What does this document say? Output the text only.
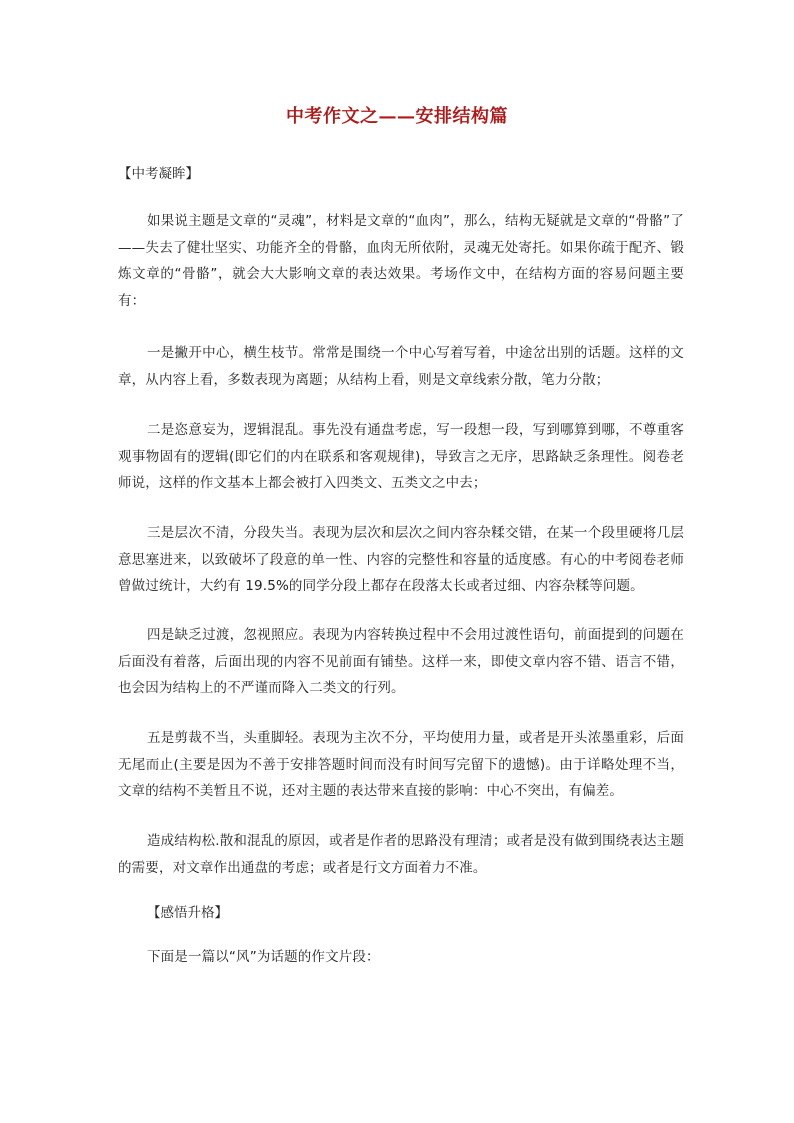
中考作文之——安排结构篇
【中考凝眸】
如果说主题是文章的“灵魂”，材料是文章的“血肉”，那么，结构无疑就是文章的“骨骼”了——失去了健壮坚实、功能齐全的骨骼，血肉无所依附，灵魂无处寄托。如果你疏于配齐、锻炼文章的“骨骼”，就会大大影响文章的表达效果。考场作文中，在结构方面的容易问题主要有：
一是撇开中心，横生枝节。常常是围绕一个中心写着写着，中途岔出别的话题。这样的文章，从内容上看，多数表现为离题；从结构上看，则是文章线索分散，笔力分散；
二是恣意妄为，逻辑混乱。事先没有通盘考虑，写一段想一段，写到哪算到哪，不尊重客观事物固有的逻辑(即它们的内在联系和客观规律)，导致言之无序，思路缺乏条理性。阅卷老师说，这样的作文基本上都会被打入四类文、五类文之中去；
三是层次不清，分段失当。表现为层次和层次之间内容杂糅交错，在某一个段里硬将几层意思塞进来，以致破坏了段意的单一性、内容的完整性和容量的适度感。有心的中考阅卷老师曾做过统计，大约有 19.5%的同学分段上都存在段落太长或者过细、内容杂糅等问题。
四是缺乏过渡，忽视照应。表现为内容转换过程中不会用过渡性语句，前面提到的问题在后面没有着落，后面出现的内容不见前面有铺垫。这样一来，即使文章内容不错、语言不错，也会因为结构上的不严谨而降入二类文的行列。
五是剪裁不当，头重脚轻。表现为主次不分，平均使用力量，或者是开头浓墨重彩，后面无尾而止(主要是因为不善于安排答题时间而没有时间写完留下的遗憾)。由于详略处理不当，文章的结构不美暂且不说，还对主题的表达带来直接的影响：中心不突出，有偏差。
造成结构松.散和混乱的原因，或者是作者的思路没有理清；或者是没有做到围绕表达主题的需要，对文章作出通盘的考虑；或者是行文方面着力不准。
【感悟升格】
下面是一篇以“风”为话题的作文片段：
